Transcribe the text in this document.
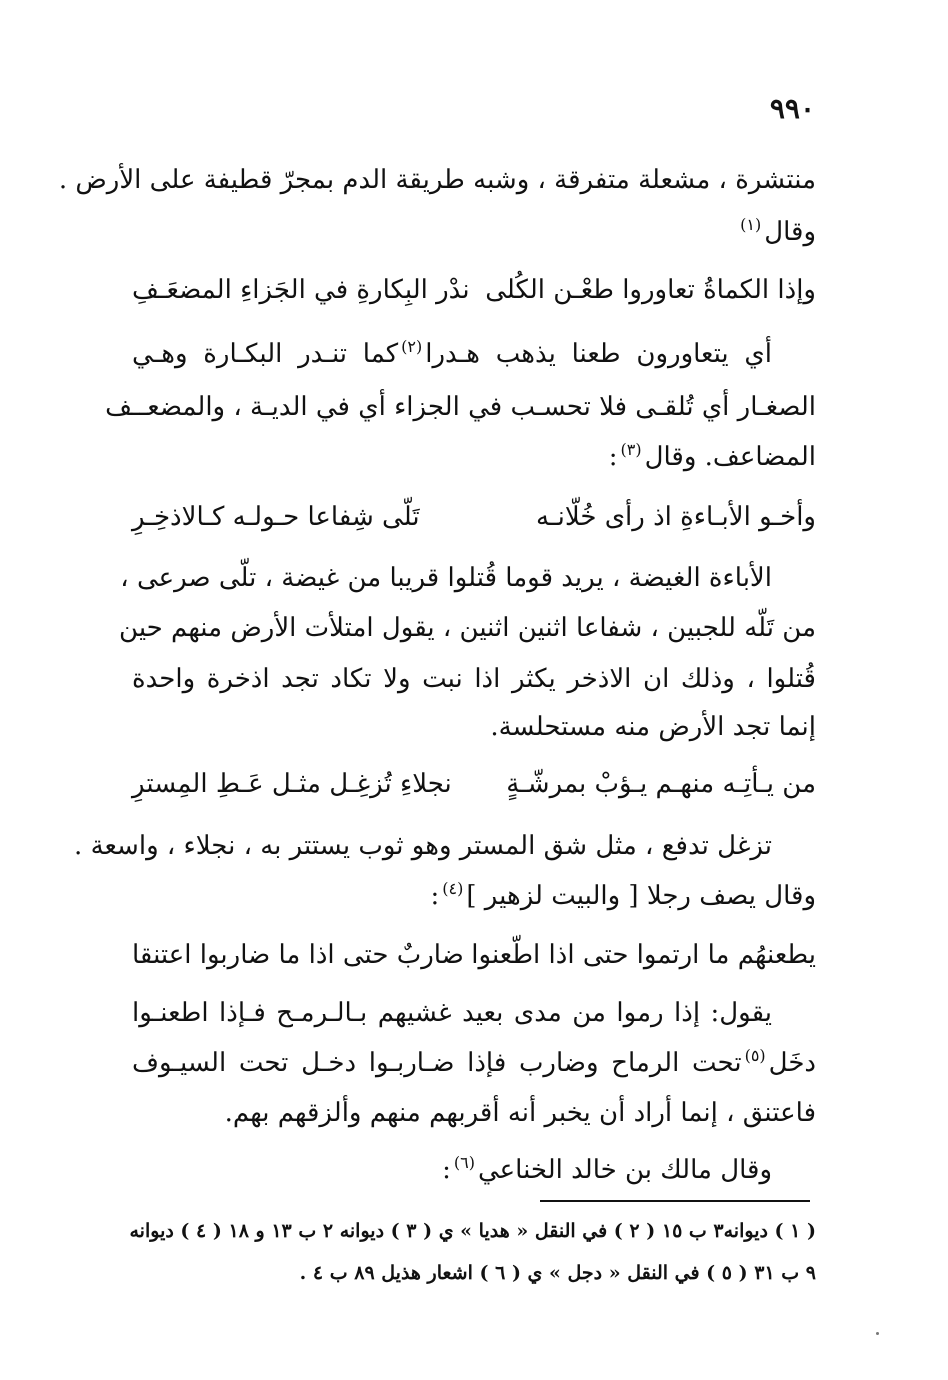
٩٩٠
منتشرة ، مشعلة متفرقة ، وشبه طريقة الدم بمجرّ قطيفة على الأرض .
وقال$^{(١)}$
وإذا الكماةُ تعاوروا طعْـن الكُلى
ندْر البِكارةِ في الجَزاءِ المضعَـفِ
أي يتعاورون طعنا يذهب هـدرا$^{(٢)}$كما تنـدر البكـارة وهـي
الصغـار أي تُلقـى فلا تحسـب في الجزاء أي في الديـة ، والمضعــف
المضاعف. وقال$^{(٣)}$:
وأخـو الأبـاءةِ اذ رأى خُلّانـه
تَلّى شِفاعا حـولـه كـالاذخِـرِ
الأباءة الغيضة ، يريد قوما قُتلوا قريبا من غيضة ، تلّى صرعى ،
من تَلّه للجبين ، شفاعا اثنين اثنين ، يقول امتلأت الأرض منهم حين
قُتلوا ، وذلك ان الاذخر يكثر اذا نبت ولا تكاد تجد اذخرة واحدة
إنما تجد الأرض منه مستحلسة.
من يـأتِـه منهـم يـؤبْ بمرشّـةٍ
نجلاءِ تُزغِـل مثـل عَـطِ المِسترِ
تزغل تدفع ، مثل شق المستر وهو ثوب يستتر به ، نجلاء ، واسعة .
وقال يصف رجلا [ والبيت لزهير ]$^{(٤)}$:
يطعنهُم ما ارتموا حتى اذا اطّعنوا
ضاربٌ حتى اذا ما ضاربوا اعتنقا
يقول: إذا رموا من مدى بعيد غشيهم بـالـرمـح فـإذا اطعنـوا
دخَل$^{(٥)}$تحت الرماح وضارب فإذا ضـاربـوا دخـل تحت السيـوف
فاعتنق ، إنما أراد أن يخبر أنه أقربهم منهم وألزقهم بهم.
وقال مالك بن خالد الخناعي$^{(٦)}$:
( ١ ) ديوانه٣ ب ١٥ ( ٢ ) في النقل « هديا » ي ( ٣ ) ديوانه ٢ ب ١٣ و ١٨ ( ٤ ) ديوانه
٩ ب ٣١ ( ٥ ) في النقل « دجل » ي ( ٦ ) اشعار هذيل ٨٩ ب ٤ .
